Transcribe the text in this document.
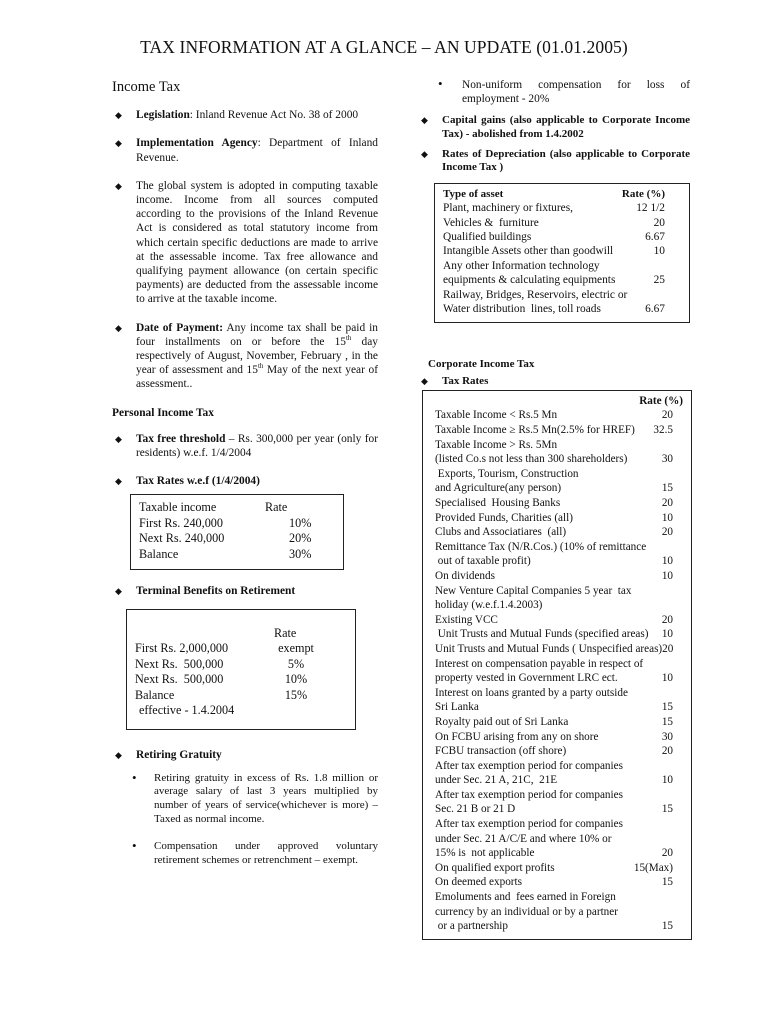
TAX INFORMATION AT A GLANCE – AN UPDATE (01.01.2005)
Income Tax
◆ Legislation: Inland Revenue Act No. 38 of 2000
◆ Implementation Agency: Department of Inland Revenue.
◆ The global system is adopted in computing taxable income. Income from all sources computed according to the provisions of the Inland Revenue Act is considered as total statutory income from which certain specific deductions are made to arrive at the assessable income. Tax free allowance and qualifying payment allowance (on certain specific payments) are deducted from the assessable income to arrive at the taxable income.
◆ Date of Payment: Any income tax shall be paid in four installments on or before the 15th day respectively of August, November, February , in the year of assessment and 15th May of the next year of assessment..
Personal Income Tax
◆ Tax free threshold – Rs. 300,000 per year (only for residents) w.e.f. 1/4/2004
◆ Tax Rates w.e.f (1/4/2004)
Taxable income	Rate
First Rs. 240,000	10%
Next Rs. 240,000	20%
Balance	30%
◆ Terminal Benefits on Retirement
Rate
First Rs. 2,000,000	exempt
Next Rs.  500,000	5%
Next Rs.  500,000	10%
Balance	15%
effective - 1.4.2004
◆ Retiring Gratuity
• Retiring gratuity in excess of Rs. 1.8 million or average salary of last 3 years multiplied by number of years of service(whichever is more) – Taxed as normal income.
• Compensation under approved voluntary retirement schemes or retrenchment – exempt.
• Non-uniform compensation for loss of employment - 20%
◆ Capital gains (also applicable to Corporate Income Tax) - abolished from 1.4.2002
◆ Rates of Depreciation (also applicable to Corporate Income Tax )
Type of asset	Rate (%)
Plant, machinery or fixtures,	12 1/2
Vehicles &  furniture	20
Qualified buildings	6.67
Intangible Assets other than goodwill	10
Any other Information technology
equipments & calculating equipments	25
Railway, Bridges, Reservoirs, electric or
Water distribution  lines, toll roads	6.67
Corporate Income Tax
◆ Tax Rates
Rate (%)
Taxable Income < Rs.5 Mn	20
Taxable Income ≥ Rs.5 Mn(2.5% for HREF) 32.5
Taxable Income > Rs. 5Mn
(listed Co.s not less than 300 shareholders)	30
Exports, Tourism, Construction
and Agriculture(any person)	15
Specialised  Housing Banks	20
Provided Funds, Charities (all)	10
Clubs and Associatiares  (all)	20
Remittance Tax (N/R.Cos.) (10% of remittance
out of taxable profit)	10
On dividends	10
New Venture Capital Companies 5 year  tax
holiday (w.e.f.1.4.2003)
Existing VCC	20
Unit Trusts and Mutual Funds (specified areas) 10
Unit Trusts and Mutual Funds ( Unspecified areas) 20
Interest on compensation payable in respect of
property vested in Government LRC ect.	10
Interest on loans granted by a party outside
Sri Lanka	15
Royalty paid out of Sri Lanka	15
On FCBU arising from any on shore	30
FCBU transaction (off shore)	20
After tax exemption period for companies
under Sec. 21 A, 21C,  21E	10
After tax exemption period for companies
Sec. 21 B or 21 D	15
After tax exemption period for companies
under Sec. 21 A/C/E and where 10% or
15% is  not applicable	20
On qualified export profits	15(Max)
On deemed exports	15
Emoluments and  fees earned in Foreign
currency by an individual or by a partner
or a partnership	15
